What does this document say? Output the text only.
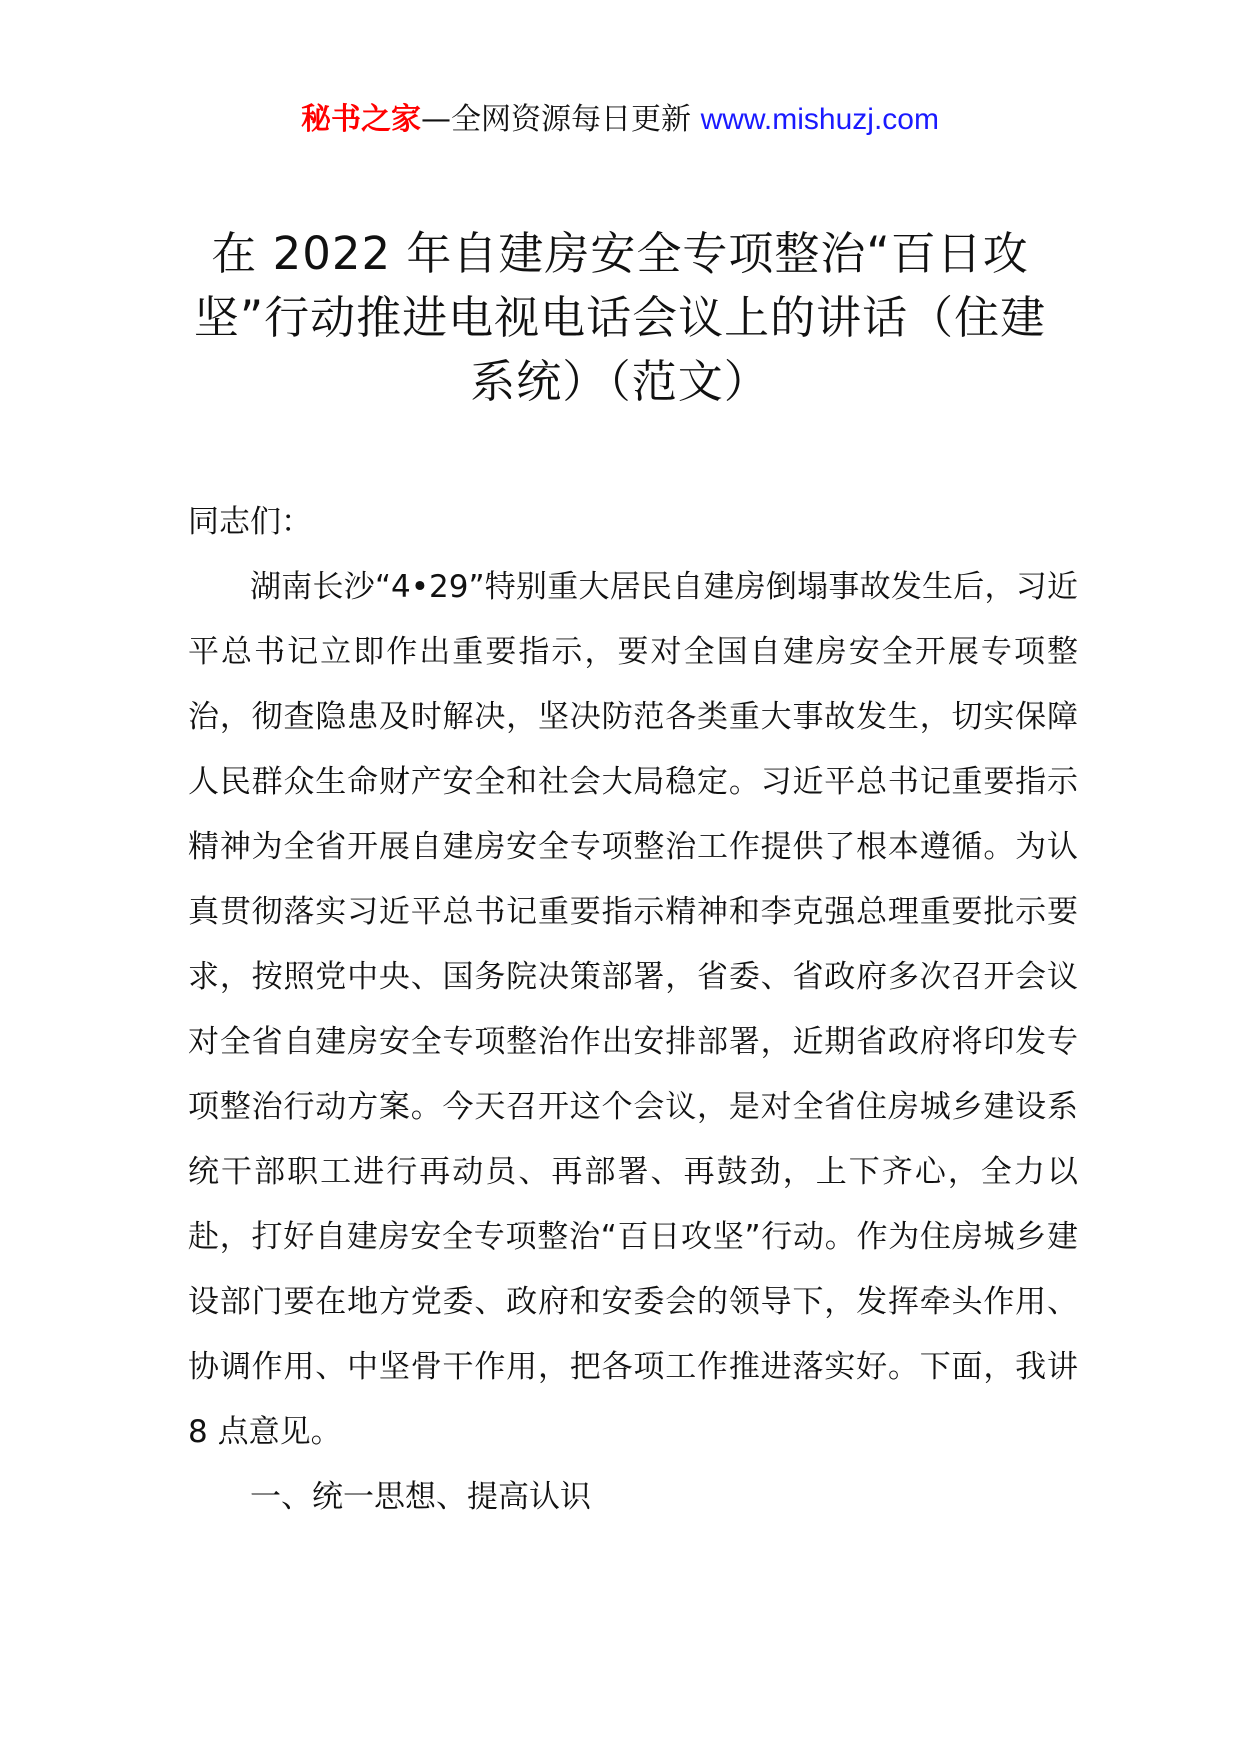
秘书之家—全网资源每日更新 www.mishuzj.com
在 2022 年自建房安全专项整治“百日攻坚”行动推进电视电话会议上的讲话（住建系统）（范文）

同志们：

湖南长沙“4•29”特别重大居民自建房倒塌事故发生后，习近平总书记立即作出重要指示，要对全国自建房安全开展专项整治，彻查隐患及时解决，坚决防范各类重大事故发生，切实保障人民群众生命财产安全和社会大局稳定。习近平总书记重要指示精神为全省开展自建房安全专项整治工作提供了根本遵循。为认真贯彻落实习近平总书记重要指示精神和李克强总理重要批示要求，按照党中央、国务院决策部署，省委、省政府多次召开会议对全省自建房安全专项整治作出安排部署，近期省政府将印发专项整治行动方案。今天召开这个会议，是对全省住房城乡建设系统干部职工进行再动员、再部署、再鼓劲，上下齐心，全力以赴，打好自建房安全专项整治“百日攻坚”行动。作为住房城乡建设部门要在地方党委、政府和安委会的领导下，发挥牵头作用、协调作用、中坚骨干作用，把各项工作推进落实好。下面，我讲 8 点意见。

一、统一思想、提高认识
